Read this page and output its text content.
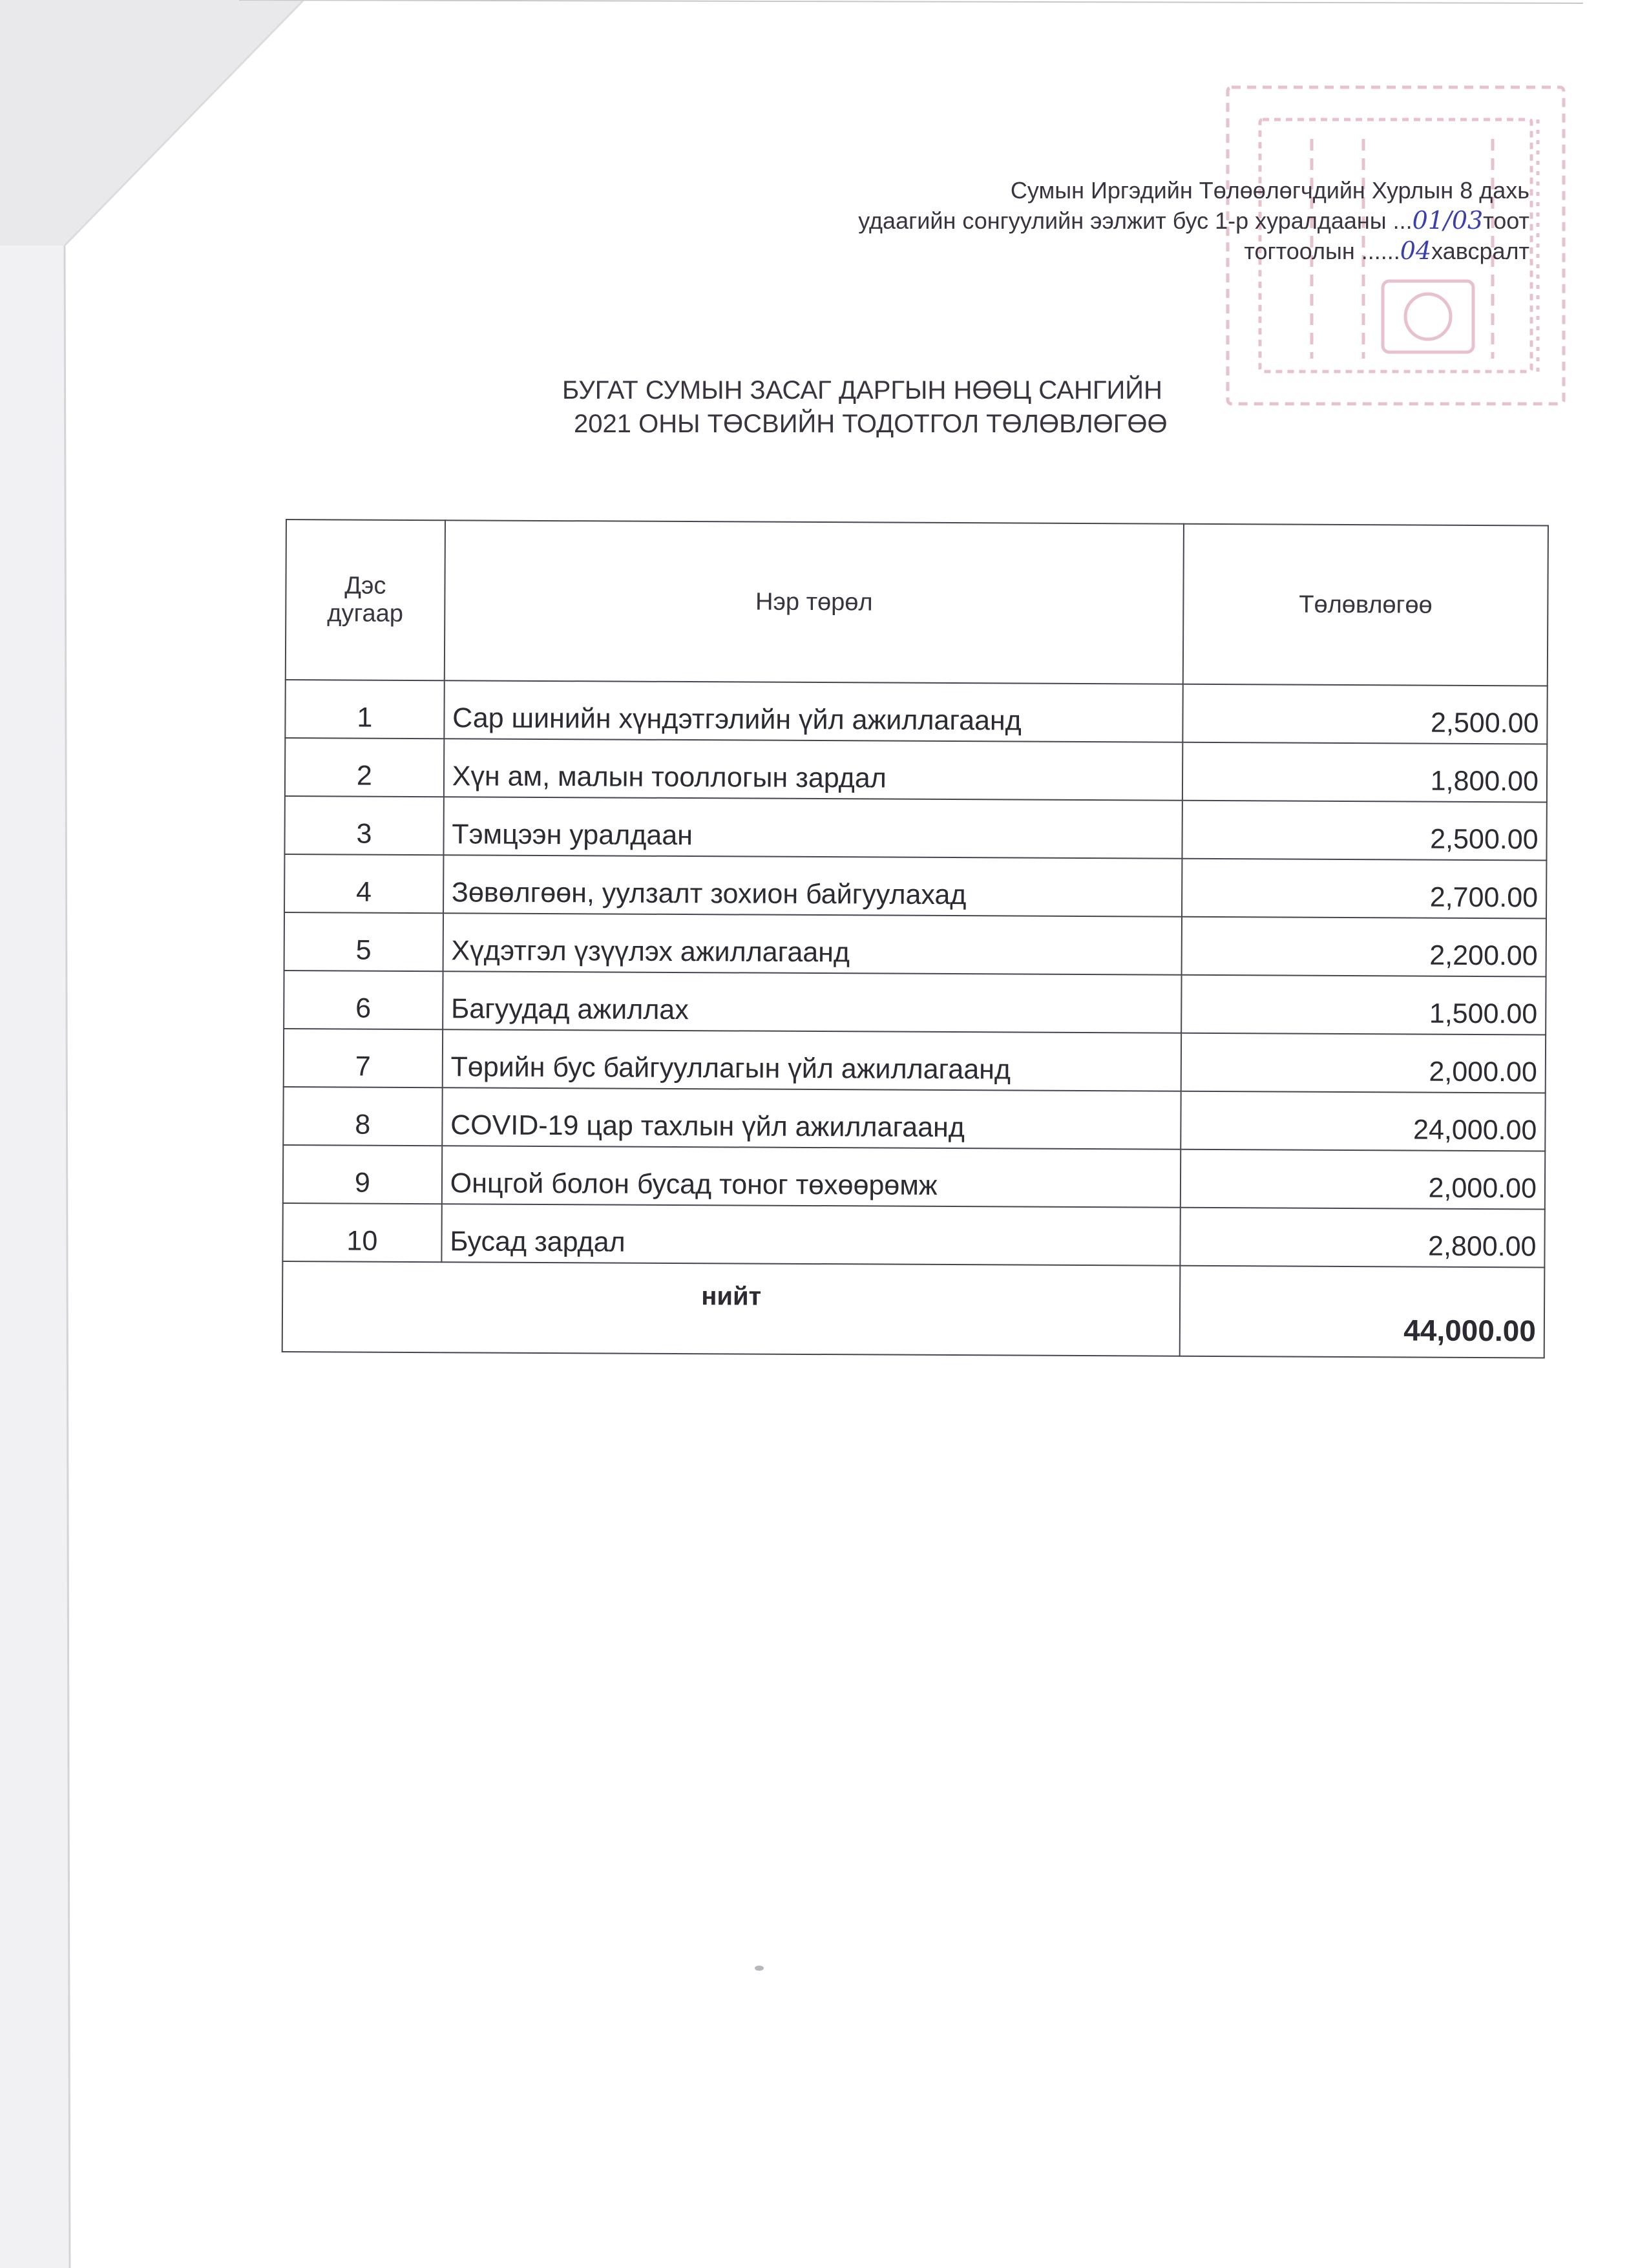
Сумын Иргэдийн Төлөөлөгчдийн Хурлын 8 дахь
удаагийн сонгуулийн ээлжит бус 1-р хуралдааны ...01/03тоот
тогтоолын ......04хавсралт
БУГАТ СУМЫН ЗАСАГ ДАРГЫН НӨӨЦ САНГИЙН
2021 ОНЫ ТӨСВИЙН ТОДОТГОЛ ТӨЛӨВЛӨГӨӨ
Дэс
дугаар	Нэр төрөл	Төлөвлөгөө
1	Сар шинийн хүндэтгэлийн үйл ажиллагаанд	2,500.00
2	Хүн ам, малын тооллогын зардал	1,800.00
3	Тэмцээн уралдаан	2,500.00
4	Зөвөлгөөн, уулзалт зохион байгуулахад	2,700.00
5	Хүдэтгэл үзүүлэх ажиллагаанд	2,200.00
6	Багуудад ажиллах	1,500.00
7	Төрийн бус байгууллагын үйл ажиллагаанд	2,000.00
8	COVID-19 цар тахлын үйл ажиллагаанд	24,000.00
9	Онцгой болон бусад тоног төхөөрөмж	2,000.00
10	Бусад зардал	2,800.00
нийт		44,000.00
